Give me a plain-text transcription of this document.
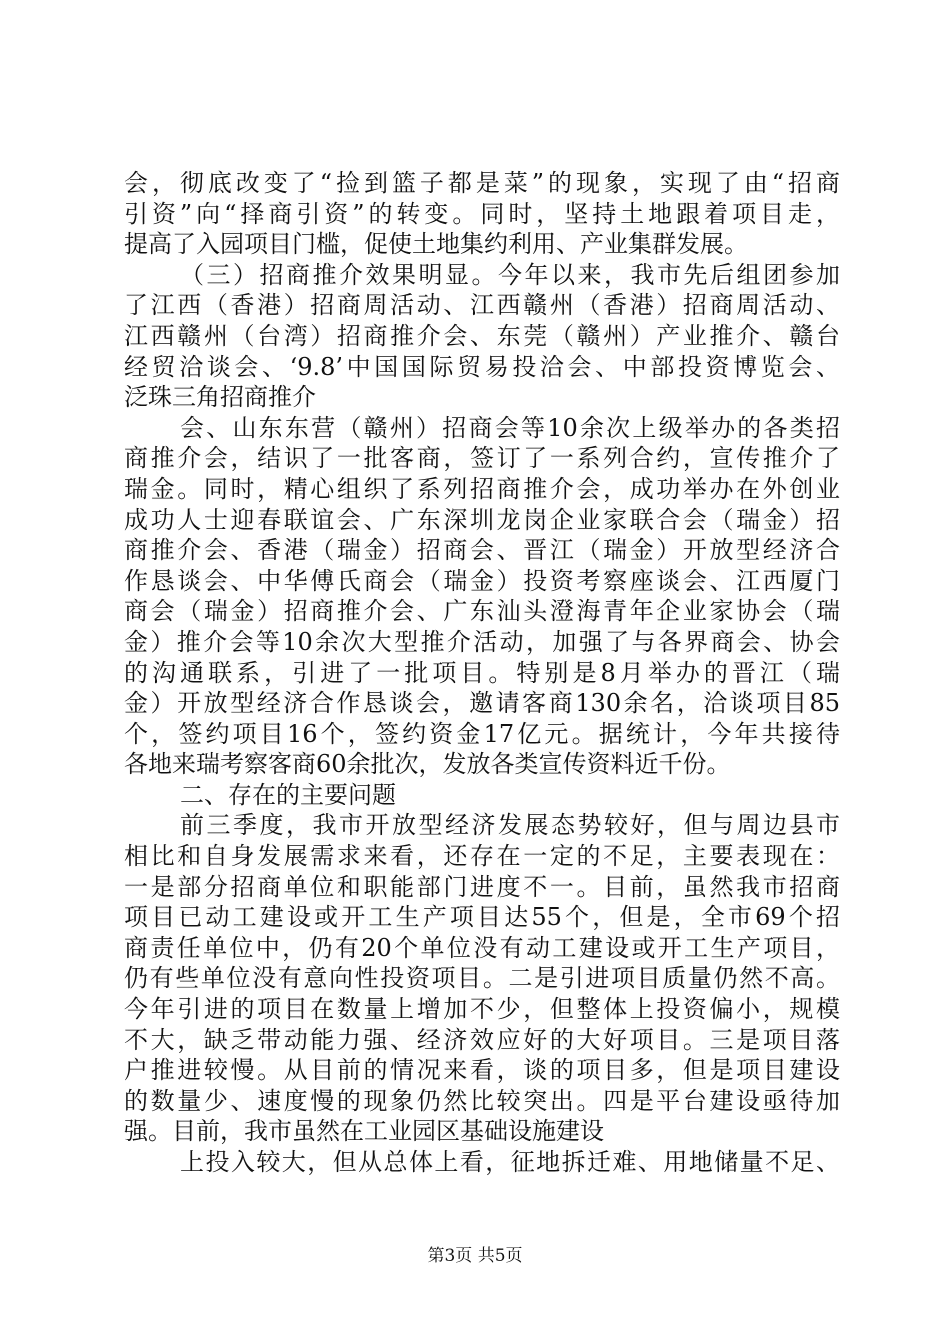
会，彻底改变了“捡到篮子都是菜”的现象，实现了由“招商
引资”向“择商引资”的转变。同时，坚持土地跟着项目走，
提高了入园项目门槛，促使土地集约利用、产业集群发展。
（三）招商推介效果明显。今年以来，我市先后组团参加
了江西（香港）招商周活动、江西赣州（香港）招商周活动、
江西赣州（台湾）招商推介会、东莞（赣州）产业推介、赣台
经贸洽谈会、‘9.8’中国国际贸易投洽会、中部投资博览会、
泛珠三角招商推介
会、山东东营（赣州）招商会等10余次上级举办的各类招
商推介会，结识了一批客商，签订了一系列合约，宣传推介了
瑞金。同时，精心组织了系列招商推介会，成功举办在外创业
成功人士迎春联谊会、广东深圳龙岗企业家联合会（瑞金）招
商推介会、香港（瑞金）招商会、晋江（瑞金）开放型经济合
作恳谈会、中华傅氏商会（瑞金）投资考察座谈会、江西厦门
商会（瑞金）招商推介会、广东汕头澄海青年企业家协会（瑞
金）推介会等10余次大型推介活动，加强了与各界商会、协会
的沟通联系，引进了一批项目。特别是8月举办的晋江（瑞
金）开放型经济合作恳谈会，邀请客商130余名，洽谈项目85
个，签约项目16个，签约资金17亿元。据统计，今年共接待
各地来瑞考察客商60余批次，发放各类宣传资料近千份。
二、存在的主要问题
前三季度，我市开放型经济发展态势较好，但与周边县市
相比和自身发展需求来看，还存在一定的不足，主要表现在：
一是部分招商单位和职能部门进度不一。目前，虽然我市招商
项目已动工建设或开工生产项目达55个，但是，全市69个招
商责任单位中，仍有20个单位没有动工建设或开工生产项目，
仍有些单位没有意向性投资项目。二是引进项目质量仍然不高。
今年引进的项目在数量上增加不少，但整体上投资偏小，规模
不大，缺乏带动能力强、经济效应好的大好项目。三是项目落
户推进较慢。从目前的情况来看，谈的项目多，但是项目建设
的数量少、速度慢的现象仍然比较突出。四是平台建设亟待加
强。目前，我市虽然在工业园区基础设施建设
上投入较大，但从总体上看，征地拆迁难、用地储量不足、
第3页 共5页
